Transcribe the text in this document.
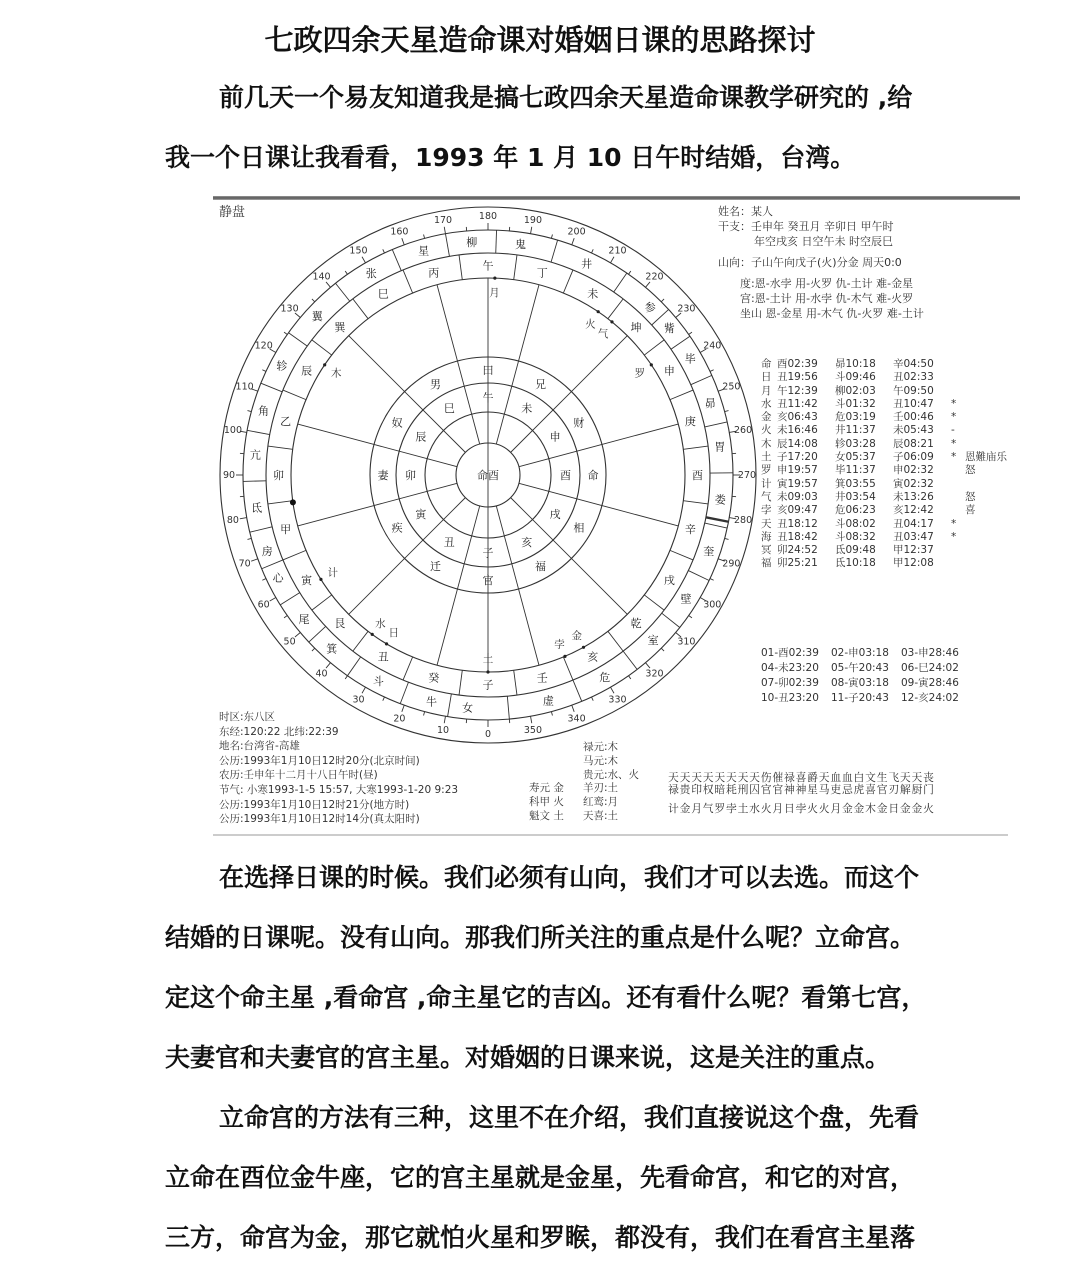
七政四余天星造命课对婚姻日课的思路探讨
前几天一个易友知道我是搞七政四余天星造命课教学研究的 ,给
我一个日课让我看看，1993 年 1 月 10 日午时结婚，台湾。
静盘
0
10
20
30
40
50
60
70
80
90
100
110
120
130
140
150
160
170	180	190
200
210
220
230
240
250
260
270
280
290
300
310
320
330
340
350
女
牛
斗
箕
尾
心
房
氐
亢
角
轸
翼
张
星
柳	鬼
井
参
觜
毕
昴
胃
娄
奎
壁
室
危
虚
子
癸
丑
艮
寅
甲
卯
乙
辰
巽
巳
丙
午
丁
未
坤
申
庚
酉
辛
戌
乾
亥
壬
命
相
福
官
迁
疾
妻
奴
男
田
兄
财
酉
戌
亥
子
丑
寅
卯
辰
巳
午
未
申
命酉
月
火
气
罗
木
计
水
日
土
金
孛
姓名：某人
干支：壬申年 癸丑月 辛卯日 甲午时
年空戌亥 日空午未 时空辰巳
山向：子山午向戊子(火)分金 周天0:0
度:恩-水孛 用-火罗 仇-土计 难-金星
宫:恩-土计 用-水孛 仇-木气 难-火罗
坐山 恩-金星 用-木气 仇-火罗 难-土计
命 酉02:39 昴10:18 辛04:50
日 丑19:56 斗09:46 丑02:33
月 午12:39 柳02:03 午09:50
水 丑11:42 斗01:32 丑10:47 *
金 亥06:43 危03:19 壬00:46 *
火 未16:46 井11:37 未05:43 -
木 辰14:08 轸03:28 辰08:21 *
土 子17:20 女05:37 子06:09 * 恩難庙乐
罗 申19:57 毕11:37 申02:32	怒
计 寅19:57 箕03:55 寅02:32
气 未09:03 井03:54 未13:26	怒
孛 亥09:47 危06:23 亥12:42	喜
天 丑18:12 斗08:02 丑04:17 *
海 丑18:42 斗08:32 丑03:47 *
冥 卯24:52 氐09:48 甲12:37
福 卯25:21 氐10:18 甲12:08
01-酉02:39 02-申03:18 03-申28:46
04-未23:20 05-午20:43 06-巳24:02
07-卯02:39 08-寅03:18 09-寅28:46
10-丑23:20 11-子20:43 12-亥24:02
时区:东八区
东经:120:22 北纬:22:39
地名:台湾省-高雄
公历:1993年1月10日12时20分(北京时间)
农历:壬申年十二月十八日午时(昼)
节气: 小寒1993-1-5 15:57, 大寒1993-1-20 9:23
公历:1993年1月10日12时21分(地方时)
公历:1993年1月10日12时14分(真太阳时)
寿元 金
科甲 火
魁文 土
禄元:木
马元:木
贵元:水、火
羊刃:土
红鸾:月
天喜:土
天天天天天天天天伤催禄喜爵天血血白文生飞天天丧
禄贵印权暗耗刑囚官官神神星马吏忌虎喜官刃解厨门
计金月气罗孛土水火月日孛火火月金金木金日金金火
在选择日课的时候。我们必须有山向，我们才可以去选。而这个
结婚的日课呢。没有山向。那我们所关注的重点是什么呢？立命宫。
定这个命主星 ,看命宫 ,命主星它的吉凶。还有看什么呢？看第七宫，
夫妻官和夫妻官的宫主星。对婚姻的日课来说，这是关注的重点。
立命宫的方法有三种，这里不在介绍，我们直接说这个盘，先看
立命在酉位金牛座，它的宫主星就是金星，先看命宫，和它的对宫，
三方，命宫为金，那它就怕火星和罗睺，都没有，我们在看宫主星落
